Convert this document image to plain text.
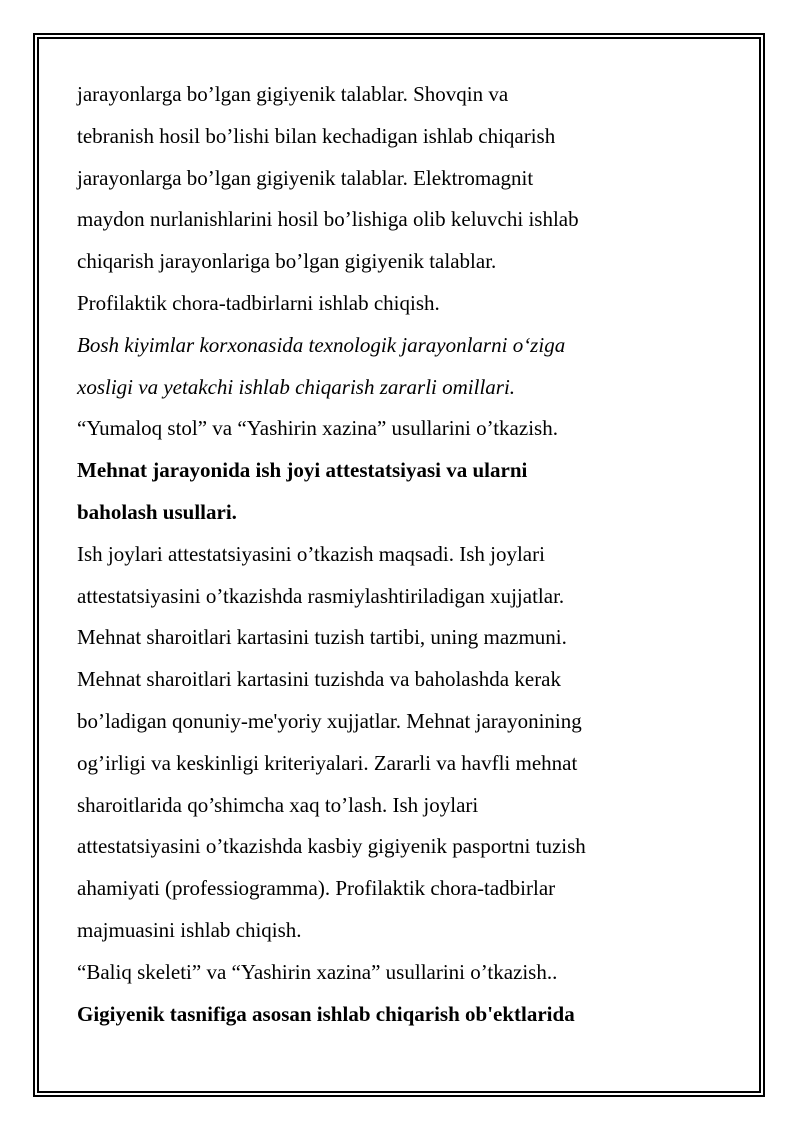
jarayonlarga bo’lgan gigiyenik talablar. Shovqin va
tebranish hosil bo’lishi bilan kechadigan ishlab chiqarish
jarayonlarga bo’lgan gigiyenik talablar. Elektromagnit
maydon nurlanishlarini hosil bo’lishiga olib keluvchi ishlab
chiqarish jarayonlariga bo’lgan gigiyenik talablar.
Profilaktik chora-tadbirlarni ishlab chiqish.
Bosh kiyimlar korxonasida texnologik jarayonlarni o‘ziga
xosligi va yetakchi ishlab chiqarish zararli omillari.
“Yumaloq stol” va “Yashirin xazina” usullarini o’tkazish.
Mehnat jarayonida ish joyi attestatsiyasi va ularni
baholash usullari.
Ish joylari attestatsiyasini o’tkazish maqsadi. Ish joylari
attestatsiyasini o’tkazishda rasmiylashtiriladigan xujjatlar.
Mehnat sharoitlari kartasini tuzish tartibi, uning mazmuni.
Mehnat sharoitlari kartasini tuzishda va baholashda kerak
bo’ladigan qonuniy-me'yoriy xujjatlar. Mehnat jarayonining
og’irligi va keskinligi kriteriyalari. Zararli va havfli mehnat
sharoitlarida qo’shimcha xaq to’lash. Ish joylari
attestatsiyasini o’tkazishda kasbiy gigiyenik pasportni tuzish
ahamiyati (professiogramma). Profilaktik chora-tadbirlar
majmuasini ishlab chiqish.
“Baliq skeleti” va “Yashirin xazina” usullarini o’tkazish..
Gigiyenik tasnifiga asosan ishlab chiqarish ob'ektlarida
